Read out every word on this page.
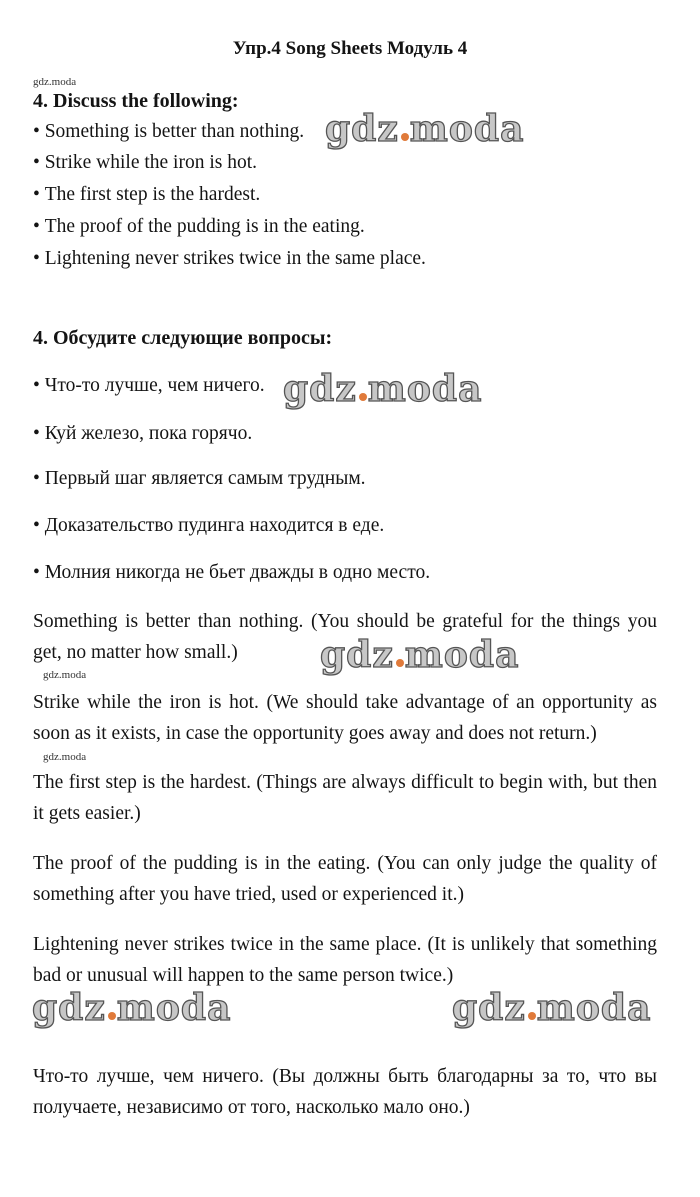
Упр.4 Song Sheets Модуль 4
gdz.moda
4. Discuss the following:
• Something is better than nothing.
• Strike while the iron is hot.
• The first step is the hardest.
• The proof of the pudding is in the eating.
• Lightening never strikes twice in the same place.
gdz moda
4. Обсудите следующие вопросы:
• Что-то лучше, чем ничего.
• Куй железо, пока горячо.
• Первый шаг является самым трудным.
• Доказательство пудинга находится в еде.
• Молния никогда не бьет дважды в одно место.
gdz moda
Something is better than nothing. (You should be grateful for the things you get, no matter how small.)	gdz moda
gdz.moda
Strike while the iron is hot. (We should take advantage of an opportunity as soon as it exists, in case the opportunity goes away and does not return.)
gdz.moda
The first step is the hardest. (Things are always difficult to begin with, but then it gets easier.)
The proof of the pudding is in the eating. (You can only judge the quality of something after you have tried, used or experienced it.)
Lightening never strikes twice in the same place. (It is unlikely that something bad or unusual will happen to the same person twice.)
gdz moda	gdz moda
Что-то лучше, чем ничего. (Вы должны быть благодарны за то, что вы получаете, независимо от того, насколько мало оно.)
